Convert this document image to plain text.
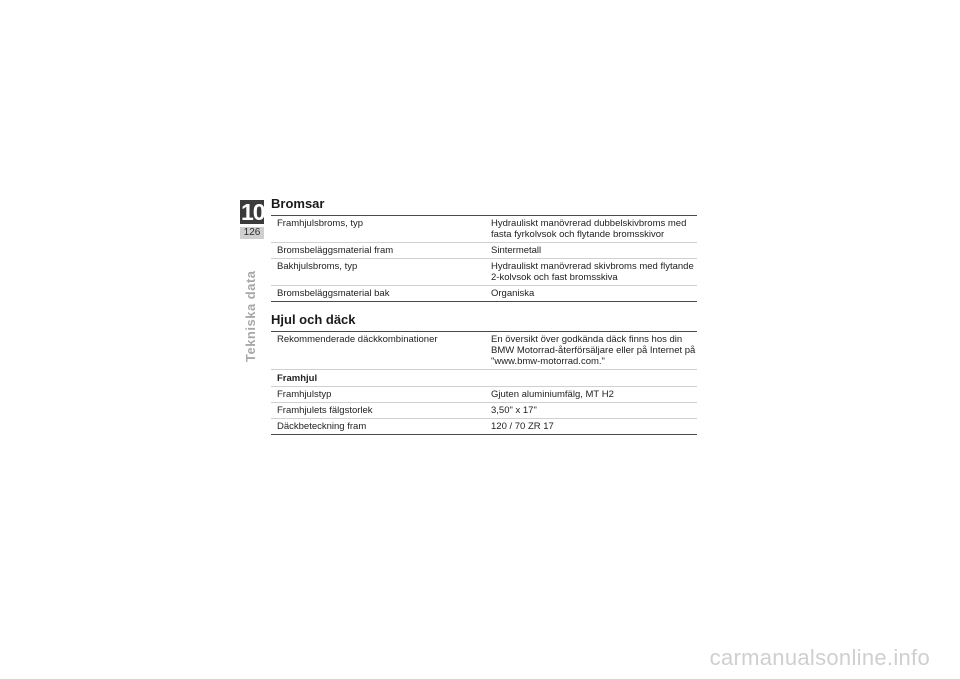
10
126
Tekniska data
Bromsar
Framhjulsbroms, typ	Hydrauliskt manövrerad dubbelskivbroms med
fasta fyrkolvsok och flytande bromsskivor
Bromsbeläggsmaterial fram	Sintermetall
Bakhjulsbroms, typ	Hydrauliskt manövrerad skivbroms med flytande
2-kolvsok och fast bromsskiva
Bromsbeläggsmaterial bak	Organiska
Hjul och däck
Rekommenderade däckkombinationer	En översikt över godkända däck finns hos din
BMW Motorrad-återförsäljare eller på Internet på
"www.bmw-motorrad.com."
Framhjul	
Framhjulstyp	Gjuten aluminiumfälg, MT H2
Framhjulets fälgstorlek	3,50" x 17"
Däckbeteckning fram	120 / 70 ZR 17
carmanualsonline.info
